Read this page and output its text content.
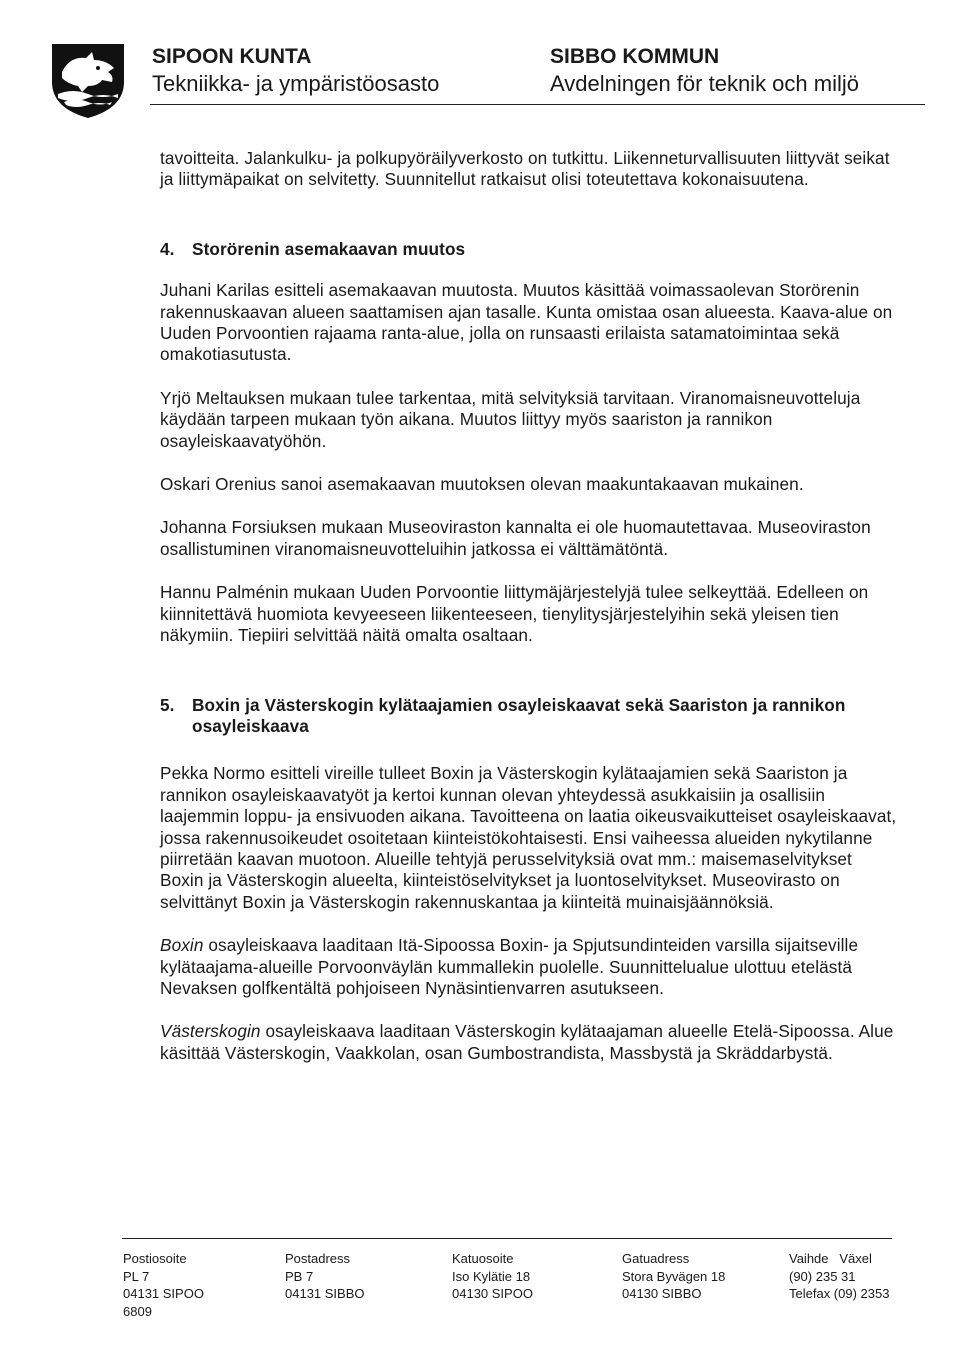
SIPOON KUNTA
Tekniikka- ja ympäristöosasto
SIBBO KOMMUN
Avdelningen för teknik och miljö

tavoitteita. Jalankulku- ja polkupyöräilyverkosto on tutkittu. Liikenneturvallisuuten liittyvät seikat ja liittymäpaikat on selvitetty. Suunnitellut ratkaisut olisi toteutettava kokonaisuutena.

4.	Storörenin asemakaavan muutos

Juhani Karilas esitteli asemakaavan muutosta. Muutos käsittää voimassaolevan Storörenin rakennuskaavan alueen saattamisen ajan tasalle. Kunta omistaa osan alueesta. Kaava-alue on Uuden Porvoontien rajaama ranta-alue, jolla on runsaasti erilaista satamatoimintaa sekä omakotiasutusta.

Yrjö Meltauksen mukaan tulee tarkentaa, mitä selvityksiä tarvitaan. Viranomaisneuvotteluja käydään tarpeen mukaan työn aikana. Muutos liittyy myös saariston ja rannikon osayleiskaavatyöhön.

Oskari Orenius sanoi asemakaavan muutoksen olevan maakuntakaavan mukainen.

Johanna Forsiuksen mukaan Museoviraston kannalta ei ole huomautettavaa. Museoviraston osallistuminen viranomaisneuvotteluihin jatkossa ei välttämätöntä.

Hannu Palménin mukaan Uuden Porvoontie liittymäjärjestelyjä tulee selkeyttää. Edelleen on kiinnitettävä huomiota kevyeeseen liikenteeseen, tienylitysjärjestelyihin sekä yleisen tien näkymiin. Tiepiiri selvittää näitä omalta osaltaan.

5.	Boxin ja Västerskogin kylätaajamien osayleiskaavat sekä Saariston ja rannikon osayleiskaava

Pekka Normo esitteli vireille tulleet Boxin ja Västerskogin kylätaajamien sekä Saariston ja rannikon osayleiskaavatyöt ja kertoi kunnan olevan yhteydessä asukkaisiin ja osallisiin laajemmin loppu- ja ensivuoden aikana. Tavoitteena on laatia oikeusvaikutteiset osayleiskaavat, jossa rakennusoikeudet osoitetaan kiinteistökohtaisesti. Ensi vaiheessa alueiden nykytilanne piirretään kaavan muotoon. Alueille tehtyjä perusselvityksiä ovat mm.: maisemaselvitykset Boxin ja Västerskogin alueelta, kiinteistöselvitykset ja luontoselvitykset. Museovirasto on selvittänyt Boxin ja Västerskogin rakennuskantaa ja kiinteitä muinaisjäännöksiä.

Boxin osayleiskaava laaditaan Itä-Sipoossa Boxin- ja Spjutsundinteiden varsilla sijaitseville kylätaajama-alueille Porvoonväylän kummallekin puolelle. Suunnittelualue ulottuu etelästä Nevaksen golfkentältä pohjoiseen Nynäsintienvarren asutukseen.

Västerskogin osayleiskaava laaditaan Västerskogin kylätaajaman alueelle Etelä-Sipoossa. Alue käsittää Västerskogin, Vaakkolan, osan Gumbostrandista, Massbystä ja Skräddarbystä.

Postiosoite
PL 7
04131 SIPOO
6809
Postadress
PB 7
04131 SIBBO
Katuosoite
Iso Kylätie 18
04130 SIPOO
Gatuadress
Stora Byvägen 18
04130 SIBBO
Vaihde   Växel
(90) 235 31
Telefax (09) 2353
